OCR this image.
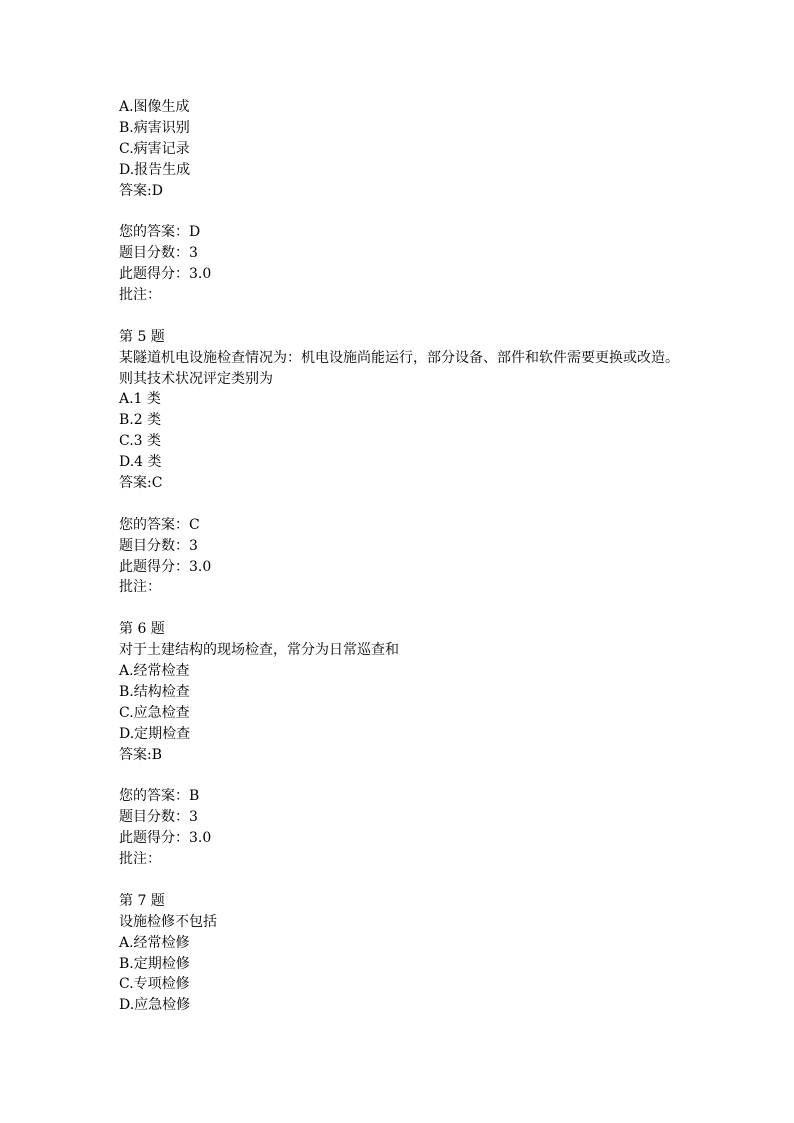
A.图像生成
B.病害识别
C.病害记录
D.报告生成
答案:D
您的答案：D
题目分数：3
此题得分：3.0
批注：
第 5 题
某隧道机电设施检查情况为：机电设施尚能运行，部分设备、部件和软件需要更换或改造。
则其技术状况评定类别为
A.1 类
B.2 类
C.3 类
D.4 类
答案:C
您的答案：C
题目分数：3
此题得分：3.0
批注：
第 6 题
对于土建结构的现场检查，常分为日常巡查和
A.经常检查
B.结构检查
C.应急检查
D.定期检查
答案:B
您的答案：B
题目分数：3
此题得分：3.0
批注：
第 7 题
设施检修不包括
A.经常检修
B.定期检修
C.专项检修
D.应急检修
